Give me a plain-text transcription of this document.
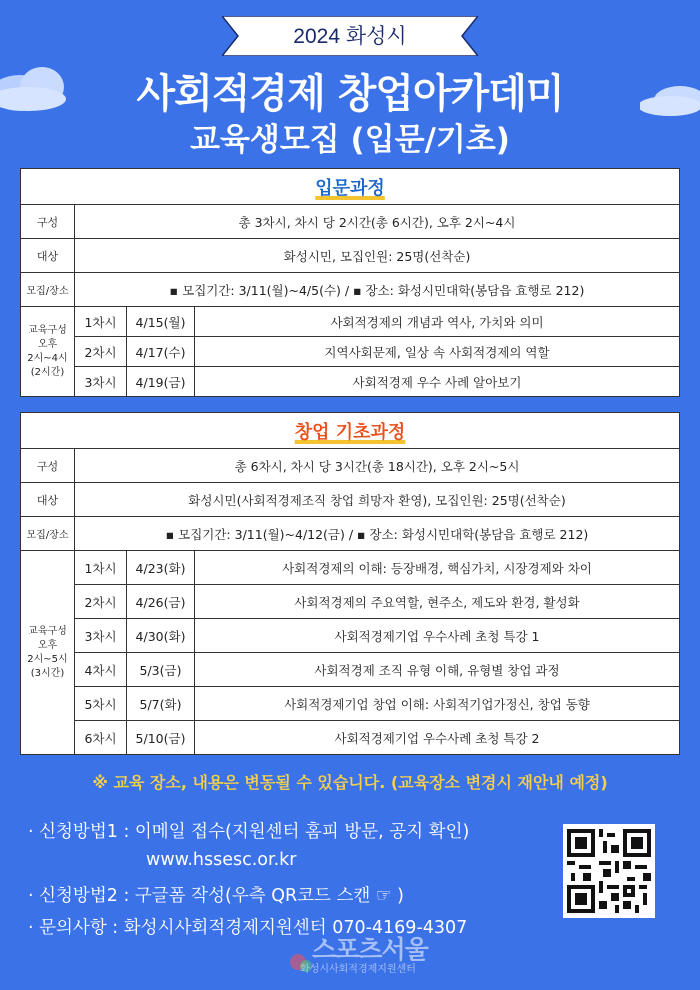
2024 화성시
사회적경제 창업아카데미
교육생모집 (입문/기초)
입문과정			
구성	총 3차시, 차시 당 2시간(총 6시간), 오후 2시~4시		
대상	화성시민, 모집인원: 25명(선착순)		
모집/장소	▪ 모집기간: 3/11(월)~4/5(수) / ▪ 장소: 화성시민대학(봉담읍 효행로 212)		

교육구성
오후
2시~4시
(2시간)	1차시	4/15(월)	사회적경제의 개념과 역사, 가치와 의미
	2차시	4/17(수)	지역사회문제, 일상 속 사회적경제의 역할
	3차시	4/19(금)	사회적경제 우수 사례 알아보기
창업 기초과정			
구성	총 6차시, 차시 당 3시간(총 18시간), 오후 2시~5시		
대상	화성시민(사회적경제조직 창업 희망자 환영), 모집인원: 25명(선착순)		
모집/장소	▪ 모집기간: 3/11(월)~4/12(금) / ▪ 장소: 화성시민대학(봉담읍 효행로 212)		

교육구성
오후
2시~5시
(3시간)	1차시	4/23(화)	사회적경제의 이해: 등장배경, 핵심가치, 시장경제와 차이
	2차시	4/26(금)	사회적경제의 주요역할, 현주소, 제도와 환경, 활성화
	3차시	4/30(화)	사회적경제기업 우수사례 초청 특강 1
	4차시	5/3(금)	사회적경제 조직 유형 이해, 유형별 창업 과정
	5차시	5/7(화)	사회적경제기업 창업 이해: 사회적기업가정신, 창업 동향
	6차시	5/10(금)	사회적경제기업 우수사례 초청 특강 2
※ 교육 장소, 내용은 변동될 수 있습니다. (교육장소 변경시 재안내 예정)
· 신청방법1 : 이메일 접수(지원센터 홈피 방문, 공지 확인)
www.hssesc.or.kr
· 신청방법2 : 구글폼 작성(우측 QR코드 스캔 ☞ )
· 문의사항 : 화성시사회적경제지원센터 070-4169-4307
스포츠서울
화성시사회적경제지원센터
